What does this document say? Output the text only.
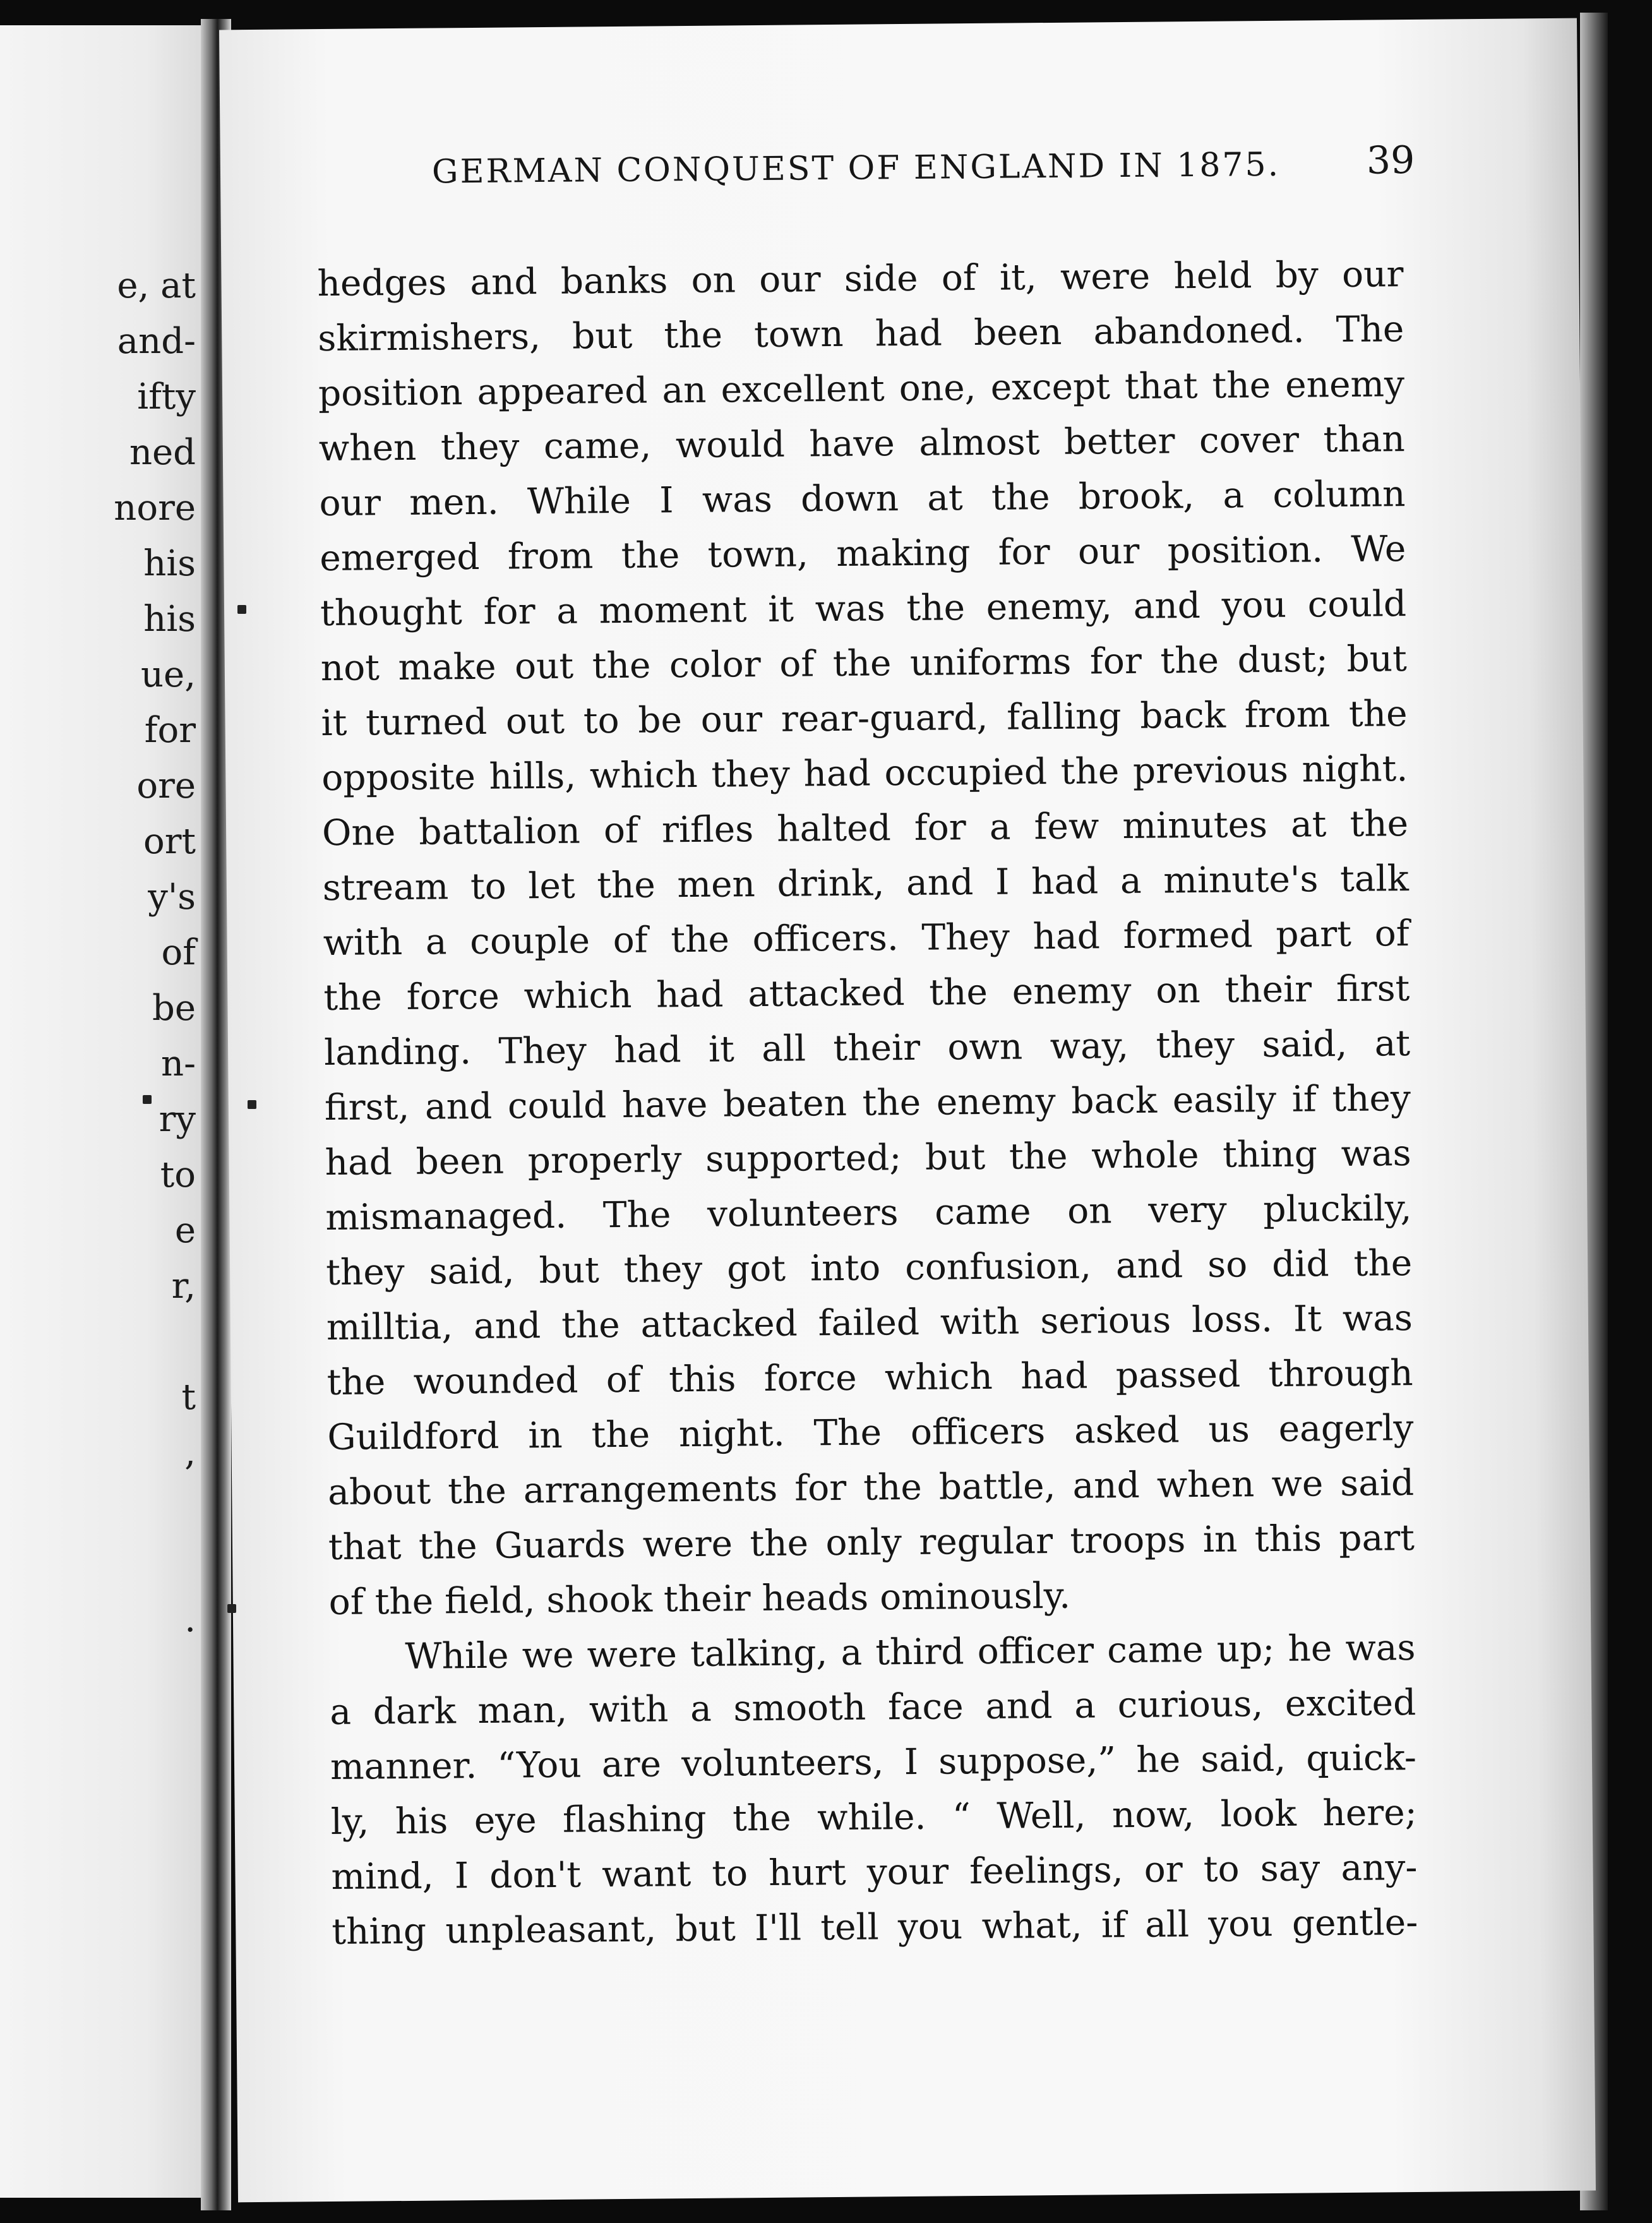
e, at
and-
ifty
ned
nore
his
his
ue,
for
ore
ort
y's
of
be
n-
ry
to
e
r,
t
,
.
GERMAN CONQUEST OF ENGLAND IN 1875. 39
hedges and banks on our side of it, were held by our
skirmishers, but the town had been abandoned. The
position appeared an excellent one, except that the enemy
when they came, would have almost better cover than
our men. While I was down at the brook, a column
emerged from the town, making for our position. We
thought for a moment it was the enemy, and you could
not make out the color of the uniforms for the dust; but
it turned out to be our rear-guard, falling back from the
opposite hills, which they had occupied the previous night.
One battalion of rifles halted for a few minutes at the
stream to let the men drink, and I had a minute's talk
with a couple of the officers. They had formed part of
the force which had attacked the enemy on their first
landing. They had it all their own way, they said, at
first, and could have beaten the enemy back easily if they
had been properly supported; but the whole thing was
mismanaged. The volunteers came on very pluckily,
they said, but they got into confusion, and so did the
milltia, and the attacked failed with serious loss. It was
the wounded of this force which had passed through
Guildford in the night. The officers asked us eagerly
about the arrangements for the battle, and when we said
that the Guards were the only regular troops in this part
of the field, shook their heads ominously.
While we were talking, a third officer came up; he was
a dark man, with a smooth face and a curious, excited
manner. “You are volunteers, I suppose,” he said, quick-
ly, his eye flashing the while. “ Well, now, look here;
mind, I don't want to hurt your feelings, or to say any-
thing unpleasant, but I'll tell you what, if all you gentle-
